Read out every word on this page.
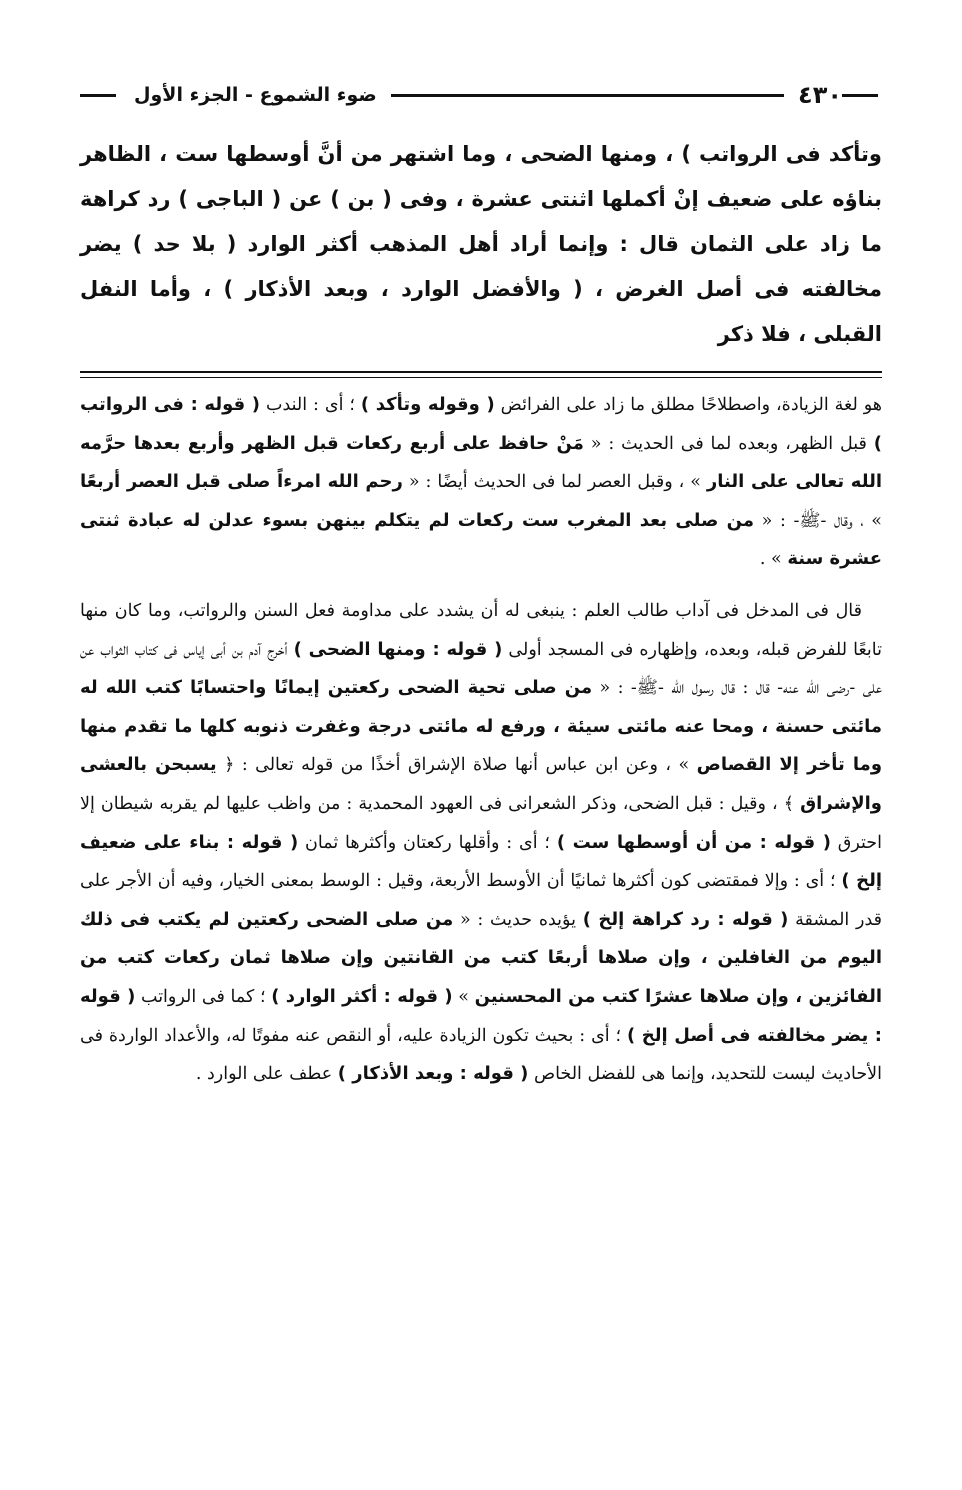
٤٣٠
ضوء الشموع - الجزء الأول

وتأكد فى الرواتب ) ، ومنها الضحى ، وما اشتهر من أنَّ أوسطها ست ، الظاهر بناؤه على ضعيف إنْ أكملها اثنتى عشرة ، وفى ( بن ) عن ( الباجى ) رد كراهة ما زاد على الثمان قال : وإنما أراد أهل المذهب أكثر الوارد ( بلا حد ) يضر مخالفته فى أصل الغرض ، ( والأفضل الوارد ، وبعد الأذكار ) ، وأما النفل القبلى ، فلا ذكر

هو لغة الزيادة، واصطلاحًا مطلق ما زاد على الفرائض ( وقوله وتأكد ) ؛ أى : الندب ( قوله : فى الرواتب ) قبل الظهر، وبعده لما فى الحديث : « مَنْ حافظ على أربع ركعات قبل الظهر وأربع بعدها حرَّمه الله تعالى على النار » ، وقبل العصر لما فى الحديث أيضًا : « رحم الله امرءاً صلى قبل العصر أربعًا » ، وقال -ﷺ- : « من صلى بعد المغرب ست ركعات لم يتكلم بينهن بسوء عدلن له عبادة ثنتى عشرة سنة » .

قال فى المدخل فى آداب طالب العلم : ينبغى له أن يشدد على مداومة فعل السنن والرواتب، وما كان منها تابعًا للفرض قبله، وبعده، وإظهاره فى المسجد أولى ( قوله : ومنها الضحى ) أخرج آدم بن أبى إياس فى كتاب الثواب عن على -رضى الله عنه- قال : قال رسول الله -ﷺ- : « من صلى تحية الضحى ركعتين إيمانًا واحتسابًا كتب الله له مائتى حسنة ، ومحا عنه مائتى سيئة ، ورفع له مائتى درجة وغفرت ذنوبه كلها ما تقدم منها وما تأخر إلا القصاص » ، وعن ابن عباس أنها صلاة الإشراق أخذًا من قوله تعالى : ﴿ يسبحن بالعشى والإشراق ﴾ ، وقيل : قبل الضحى، وذكر الشعرانى فى العهود المحمدية : من واظب عليها لم يقربه شيطان إلا احترق ( قوله : من أن أوسطها ست ) ؛ أى : وأقلها ركعتان وأكثرها ثمان ( قوله : بناء على ضعيف إلخ ) ؛ أى : وإلا فمقتضى كون أكثرها ثمانيًا أن الأوسط الأربعة، وقيل : الوسط بمعنى الخيار، وفيه أن الأجر على قدر المشقة ( قوله : رد كراهة إلخ ) يؤيده حديث : « من صلى الضحى ركعتين لم يكتب فى ذلك اليوم من الغافلين ، وإن صلاها أربعًا كتب من القانتين وإن صلاها ثمان ركعات كتب من الفائزين ، وإن صلاها عشرًا كتب من المحسنين » ( قوله : أكثر الوارد ) ؛ كما فى الرواتب ( قوله : يضر مخالفته فى أصل إلخ ) ؛ أى : بحيث تكون الزيادة عليه، أو النقص عنه مفوتًا له، والأعداد الواردة فى الأحاديث ليست للتحديد، وإنما هى للفضل الخاص ( قوله : وبعد الأذكار ) عطف على الوارد .
